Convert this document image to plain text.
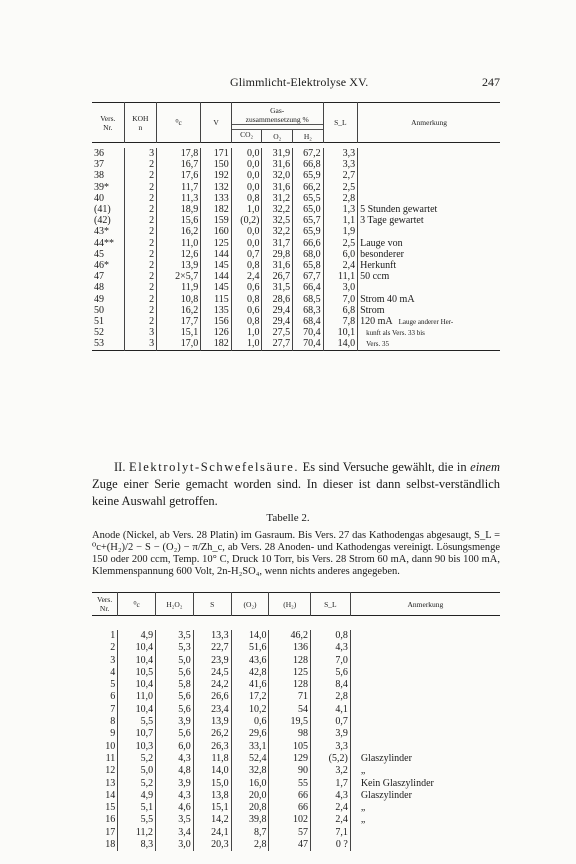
Glimmlicht-Elektrolyse XV.	247
Vers.
Nr.	KOH
n	⁰c	V	Gas-
zusammensetzung %			S_L	Anmerkung

				CO₂	O₂	H₂		

36	3	17,8	171	0,0	31,9	67,2	3,3	
37	2	16,7	150	0,0	31,6	66,8	3,3	
38	2	17,6	192	0,0	32,0	65,9	2,7	
39*	2	11,7	132	0,0	31,6	66,2	2,5	
40	2	11,3	133	0,8	31,2	65,5	2,8	
(41)	2	18,9	182	1,0	32,2	65,0	1,3	5 Stunden gewartet
(42)	2	15,6	159	(0,2)	32,5	65,7	1,1	3 Tage gewartet
43*	2	16,2	160	0,0	32,2	65,9	1,9	
44**	2	11,0	125	0,0	31,7	66,6	2,5	Lauge von
45	2	12,6	144	0,7	29,8	68,0	6,0	besonderer
46*	2	13,9	145	0,8	31,6	65,8	2,4	Herkunft
47	2	2×5,7	144	2,4	26,7	67,7	11,1	50 ccm
48	2	11,9	145	0,6	31,5	66,4	3,0	
49	2	10,8	115	0,8	28,6	68,5	7,0	Strom 40 mA
50	2	16,2	135	0,6	29,4	68,3	6,8	Strom
51	2	17,7	156	0,8	29,4	68,4	7,8	120 mA Lauge anderer Her-
52	3	15,1	126	1,0	27,5	70,4	10,1	kunft als Vers. 33 bis
53	3	17,0	182	1,0	27,7	70,4	14,0	Vers. 35

II. Elektrolyt-Schwefelsäure. Es sind Versuche gewählt, die in einem Zuge einer Serie gemacht worden sind. In dieser ist dann selbst-verständlich keine Auswahl getroffen.
Tabelle 2.
Anode (Nickel, ab Vers. 28 Platin) im Gasraum. Bis Vers. 27 das Kathodengas abgesaugt, S_L = ⁰c+(H₂)/2 − S − (O₂) − π/Zh_c, ab Vers. 28 Anoden- und Kathodengas vereinigt. Lösungsmenge 150 oder 200 ccm, Temp. 10° C, Druck 10 Torr, bis Vers. 28 Strom 60 mA, dann 90 bis 100 mA, Klemmenspannung 600 Volt, 2n-H₂SO₄, wenn nichts anderes angegeben.
Vers.
Nr.	⁰c	H₂O₂	S	(O₂)	(H₂)	S_L	Anmerkung

1	4,9	3,5	13,3	14,0	46,2	0,8	
2	10,4	5,3	22,7	51,6	136	4,3	
3	10,4	5,0	23,9	43,6	128	7,0	
4	10,5	5,6	24,5	42,8	125	5,6	
5	10,4	5,8	24,2	41,6	128	8,4	
6	11,0	5,6	26,6	17,2	71	2,8	
7	10,4	5,6	23,4	10,2	54	4,1	
8	5,5	3,9	13,9	0,6	19,5	0,7	
9	10,7	5,6	26,2	29,6	98	3,9	
10	10,3	6,0	26,3	33,1	105	3,3	
11	5,2	4,3	11,8	52,4	129	(5,2)	Glaszylinder
12	5,0	4,8	14,0	32,8	90	3,2	„
13	5,2	3,9	15,0	16,0	55	1,7	Kein Glaszylinder
14	4,9	4,3	13,8	20,0	66	4,3	Glaszylinder
15	5,1	4,6	15,1	20,8	66	2,4	„
16	5,5	3,5	14,2	39,8	102	2,4	„
17	11,2	3,4	24,1	8,7	57	7,1	
18	8,3	3,0	20,3	2,8	47	0 ?	
